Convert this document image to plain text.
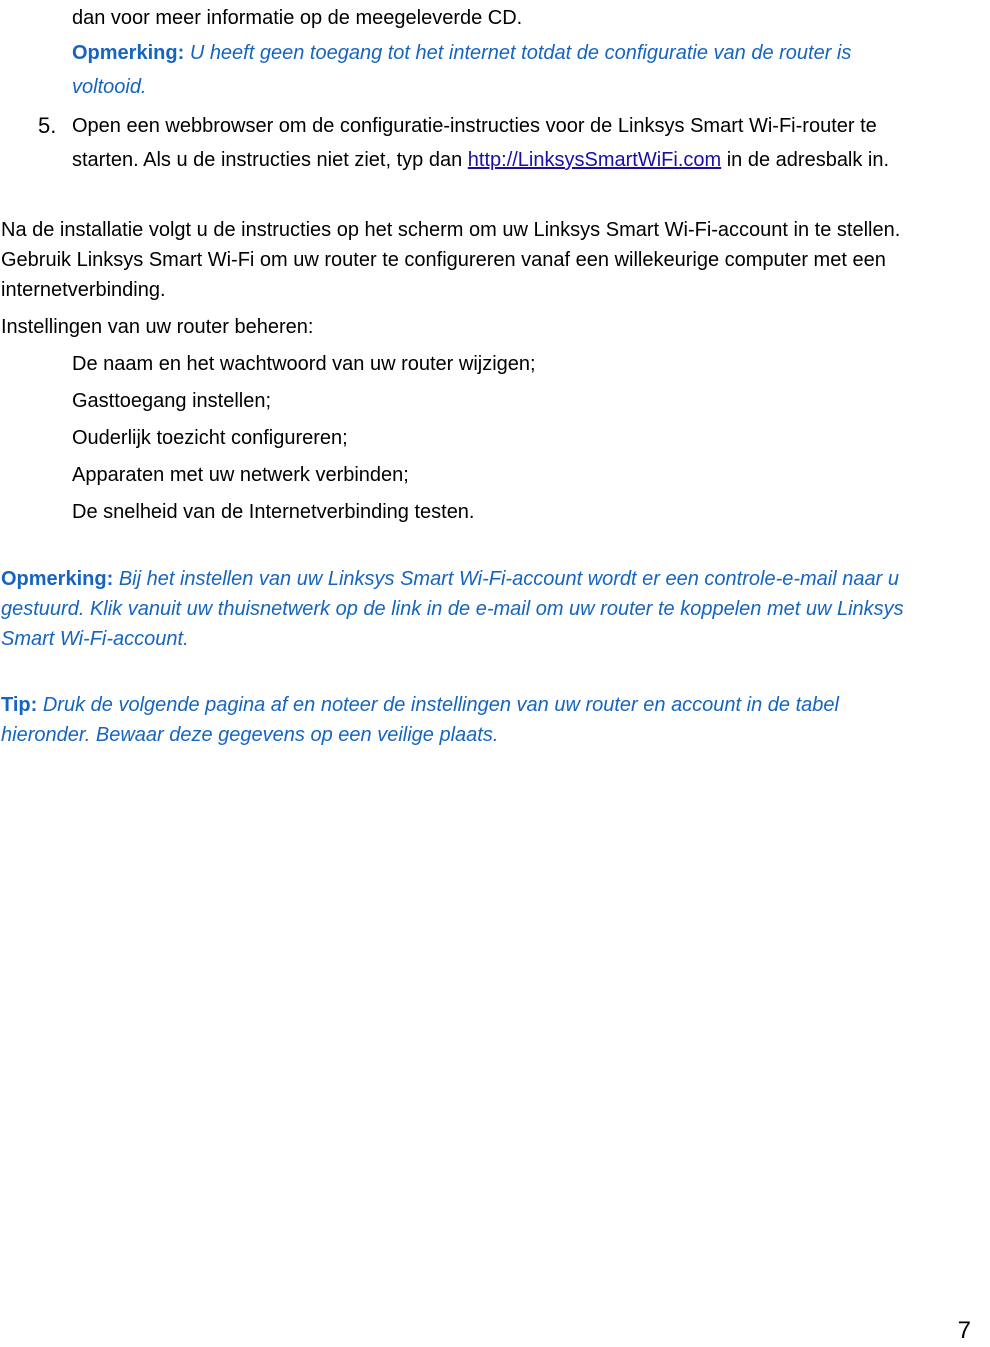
dan voor meer informatie op de meegeleverde CD.
Opmerking: U heeft geen toegang tot het internet totdat de configuratie van de router is
voltooid.
5. Open een webbrowser om de configuratie-instructies voor de Linksys Smart Wi-Fi-router te
starten. Als u de instructies niet ziet, typ dan http://LinksysSmartWiFi.com in de adresbalk in.
Na de installatie volgt u de instructies op het scherm om uw Linksys Smart Wi-Fi-account in te stellen.
Gebruik Linksys Smart Wi-Fi om uw router te configureren vanaf een willekeurige computer met een
internetverbinding.
Instellingen van uw router beheren:
De naam en het wachtwoord van uw router wijzigen;
Gasttoegang instellen;
Ouderlijk toezicht configureren;
Apparaten met uw netwerk verbinden;
De snelheid van de Internetverbinding testen.
Opmerking: Bij het instellen van uw Linksys Smart Wi-Fi-account wordt er een controle-e-mail naar u
gestuurd. Klik vanuit uw thuisnetwerk op de link in de e-mail om uw router te koppelen met uw Linksys
Smart Wi-Fi-account.
Tip: Druk de volgende pagina af en noteer de instellingen van uw router en account in de tabel
hieronder. Bewaar deze gegevens op een veilige plaats.
7
